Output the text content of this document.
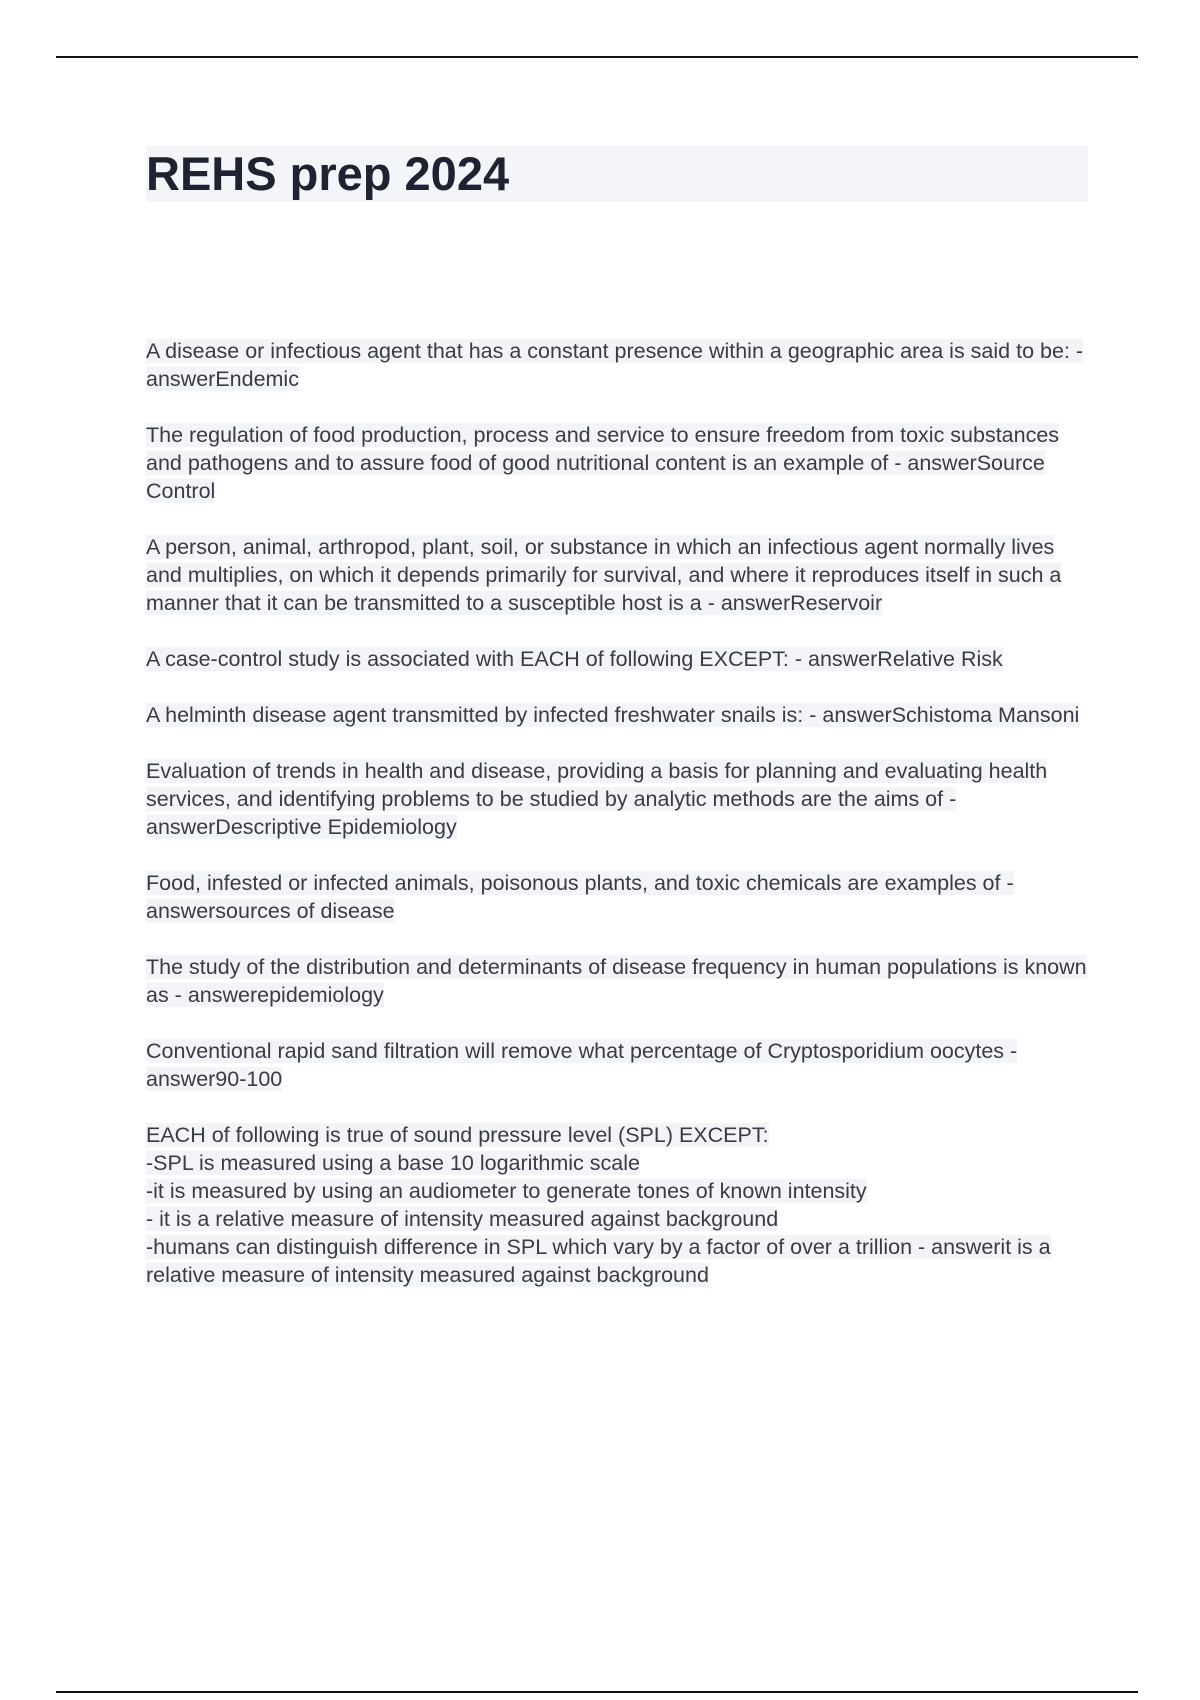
REHS prep 2024

A disease or infectious agent that has a constant presence within a geographic area is said to be: - answerEndemic

The regulation of food production, process and service to ensure freedom from toxic substances and pathogens and to assure food of good nutritional content is an example of - answerSource Control

A person, animal, arthropod, plant, soil, or substance in which an infectious agent normally lives and multiplies, on which it depends primarily for survival, and where it reproduces itself in such a manner that it can be transmitted to a susceptible host is a - answerReservoir

A case-control study is associated with EACH of following EXCEPT: - answerRelative Risk

A helminth disease agent transmitted by infected freshwater snails is: - answerSchistoma Mansoni

Evaluation of trends in health and disease, providing a basis for planning and evaluating health services, and identifying problems to be studied by analytic methods are the aims of - answerDescriptive Epidemiology

Food, infested or infected animals, poisonous plants, and toxic chemicals are examples of - answersources of disease

The study of the distribution and determinants of disease frequency in human populations is known as - answerepidemiology

Conventional rapid sand filtration will remove what percentage of Cryptosporidium oocytes - answer90-100

EACH of following is true of sound pressure level (SPL) EXCEPT:
-SPL is measured using a base 10 logarithmic scale
-it is measured by using an audiometer to generate tones of known intensity
- it is a relative measure of intensity measured against background
-humans can distinguish difference in SPL which vary by a factor of over a trillion - answerit is a relative measure of intensity measured against background
